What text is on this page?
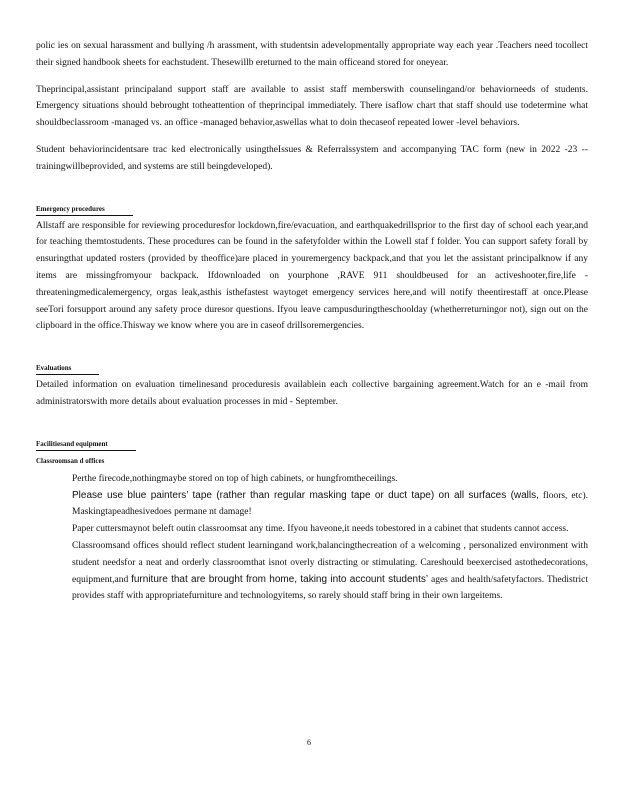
polic ies on sexual harassment and bullying /h arassment, with studentsin adevelopmentally appropriate way each year .Teachers need tocollect their signed handbook sheets for eachstudent. Thesewillb ereturned to the main officeand stored for oneyear.

Theprincipal,assistant principaland support staff are available to assist staff memberswith counselingand/or behaviorneeds of students. Emergency situations should bebrought totheattention of theprincipal immediately. There isaflow chart that staff should use todetermine what shouldbeclassroom -managed vs. an office -managed behavior,aswellas what to doin thecaseof repeated lower -level behaviors.

Student behaviorincidentsare trac ked electronically usingtheIssues & Referralssystem and accompanying TAC form (new in 2022 -23 -- trainingwillbeprovided, and systems are still beingdeveloped).

Emergency procedures

Allstaff are responsible for reviewing proceduresfor lockdown,fire/evacuation, and earthquakedrillsprior to the first day of school each year,and for teaching themtostudents. These procedures can be found in the safetyfolder within the Lowell staf f folder. You can support safety forall by ensuringthat updated rosters (provided by theoffice)are placed in youremergency backpack,and that you let the assistant principalknow if any items are missingfromyour backpack. Ifdownloaded on yourphone ,RAVE 911 shouldbeused for an activeshooter,fire,life -threateningmedicalemergency, orgas leak,asthis isthefastest waytoget emergency services here,and will notify theentirestaff at once.Please seeTori forsupport around any safety proce duresor questions. Ifyou leave campusduringtheschoolday (whetherreturningor not), sign out on the clipboard in the office.Thisway we know where you are in caseof drillsoremergencies.

Evaluations

Detailed information on evaluation timelinesand proceduresis availablein each collective bargaining agreement.Watch for an e -mail from administratorswith more details about evaluation processes in mid - September.

Facilitiesand equipment
Classroomsan d offices
Perthe firecode,nothingmaybe stored on top of high cabinets, or hungfromtheceilings.
Please use blue painters’ tape (rather than regular masking tape or duct tape) on all surfaces (walls, floors, etc). Maskingtapeadhesivedoes permane nt damage!
Paper cuttersmaynot beleft outin classroomsat any time. Ifyou haveone,it needs tobestored in a cabinet that students cannot access.
Classroomsand offices should reflect student learningand work,balancingthecreation of a welcoming , personalized environment with student needsfor a neat and orderly classroomthat isnot overly distracting or stimulating. Careshould beexercised astothedecorations, equipment,and furniture that are brought from home, taking into account students’ ages and health/safetyfactors. Thedistrict provides staff with appropriatefurniture and technologyitems, so rarely should staff bring in their own largeitems.
6
